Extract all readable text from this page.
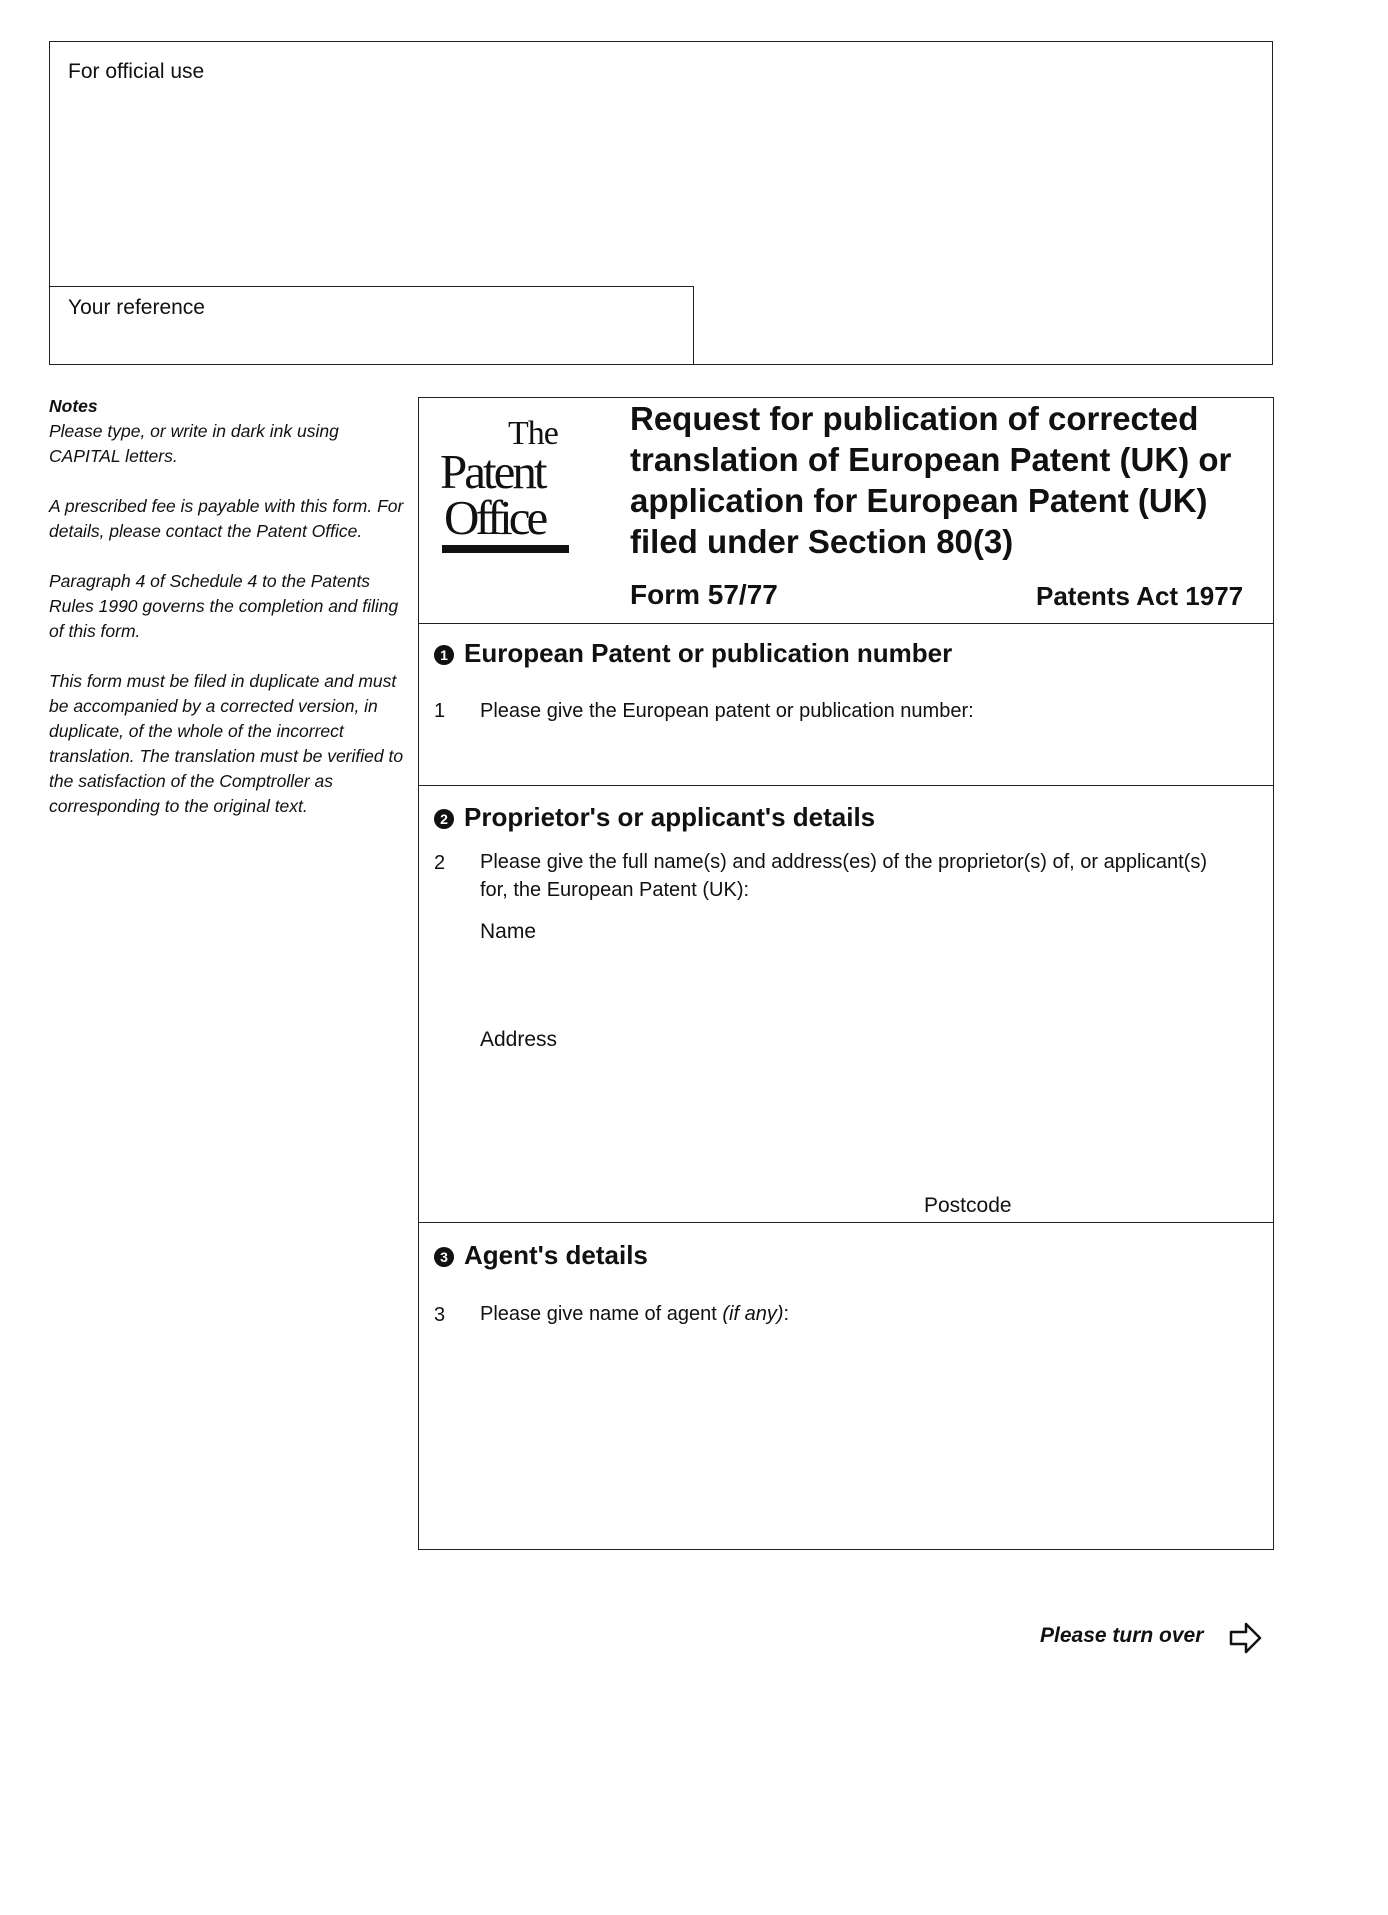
For official use
Your reference
Notes

Please type, or write in dark ink using CAPITAL letters.

A prescribed fee is payable with this form. For details, please contact the Patent Office.

Paragraph 4 of Schedule 4 to the Patents Rules 1990 governs the completion and filing of this form.

This form must be filed in duplicate and must be accompanied by a corrected version, in duplicate, of the whole of the incorrect translation. The translation must be verified to the satisfaction of the Comptroller as corresponding to the original text.

The
Patent
Office
Request for publication of corrected translation of European Patent (UK) or application for European Patent (UK) filed under Section 80(3)
Form 57/77	Patents Act 1977
1 European Patent or publication number
1 Please give the European patent or publication number:
2 Proprietor's or applicant's details
2 Please give the full name(s) and address(es) of the proprietor(s) of, or applicant(s) for, the European Patent (UK):
Name
Address
Postcode
3 Agent's details
3 Please give name of agent (if any):
Please turn over
